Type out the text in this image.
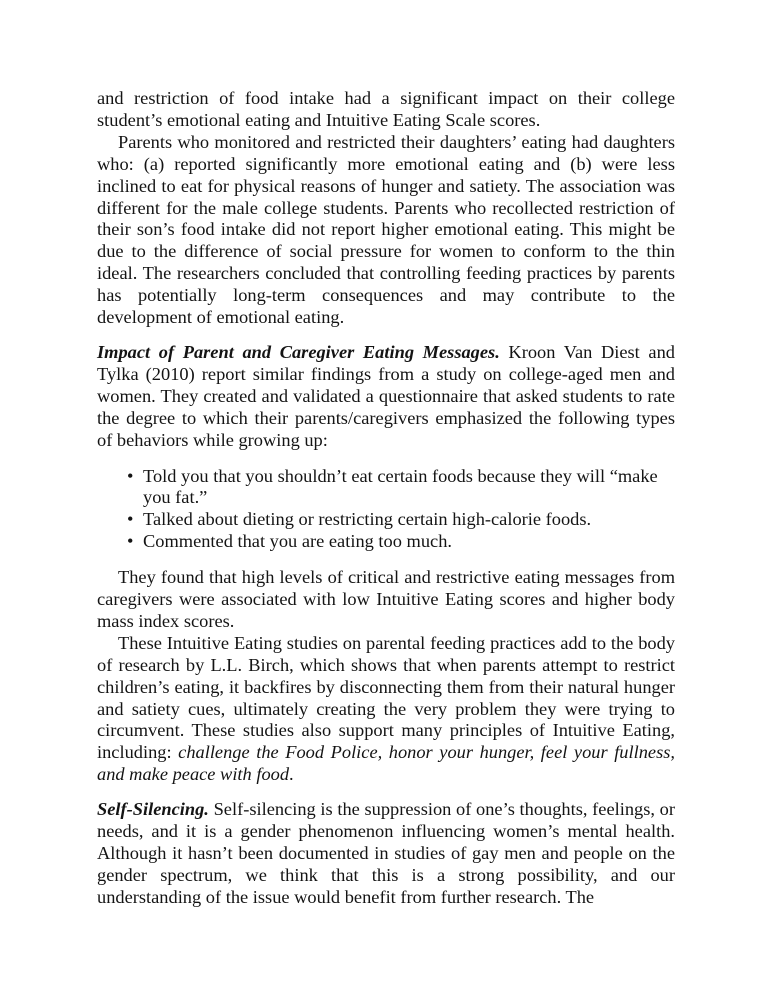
and restriction of food intake had a significant impact on their college student’s emotional eating and Intuitive Eating Scale scores.

Parents who monitored and restricted their daughters’ eating had daughters who: (a) reported significantly more emotional eating and (b) were less inclined to eat for physical reasons of hunger and satiety. The association was different for the male college students. Parents who recollected restriction of their son’s food intake did not report higher emotional eating. This might be due to the difference of social pressure for women to conform to the thin ideal. The researchers concluded that controlling feeding practices by parents has potentially long-term consequences and may contribute to the development of emotional eating.

Impact of Parent and Caregiver Eating Messages. Kroon Van Diest and Tylka (2010) report similar findings from a study on college-aged men and women. They created and validated a questionnaire that asked students to rate the degree to which their parents/caregivers emphasized the following types of behaviors while growing up:

• Told you that you shouldn’t eat certain foods because they will “make you fat.”
• Talked about dieting or restricting certain high-calorie foods.
• Commented that you are eating too much.

They found that high levels of critical and restrictive eating messages from caregivers were associated with low Intuitive Eating scores and higher body mass index scores.

These Intuitive Eating studies on parental feeding practices add to the body of research by L.L. Birch, which shows that when parents attempt to restrict children’s eating, it backfires by disconnecting them from their natural hunger and satiety cues, ultimately creating the very problem they were trying to circumvent. These studies also support many principles of Intuitive Eating, including: challenge the Food Police, honor your hunger, feel your fullness, and make peace with food.

Self-Silencing. Self-silencing is the suppression of one’s thoughts, feelings, or needs, and it is a gender phenomenon influencing women’s mental health. Although it hasn’t been documented in studies of gay men and people on the gender spectrum, we think that this is a strong possibility, and our understanding of the issue would benefit from further research. The
